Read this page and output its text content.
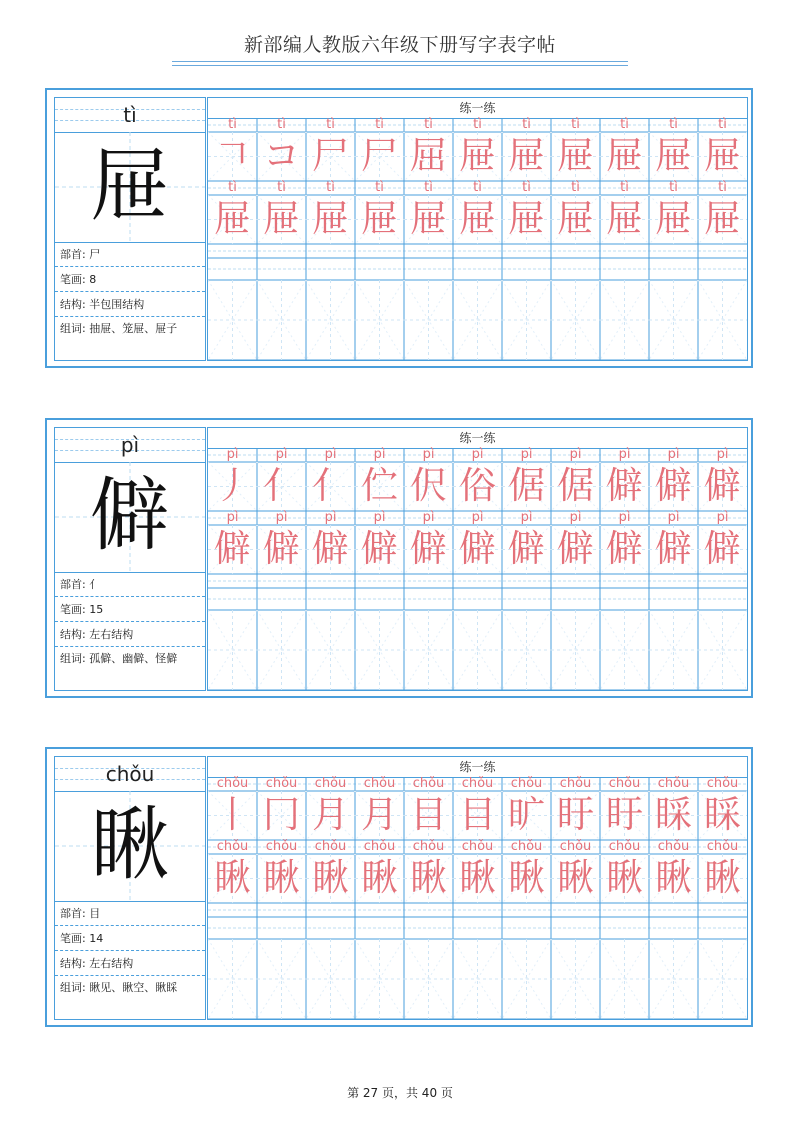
新部编人教版六年级下册写字表字帖
tì
屉
部首: 尸
笔画: 8
结构: 半包围结构
组词: 抽屉、笼屉、屉子
练一练
tì
𠃍
tì
屉
tì
コ
tì
屉
tì
尸
tì
屉
tì
尸
tì
屉
tì
屈
tì
屉
tì
屉
tì
屉
tì
屉
tì
屉
tì
屉
tì
屉
tì
屉
tì
屉
tì
屉
tì
屉
tì
屉
tì
屉
pì
僻
部首: 亻
笔画: 15
结构: 左右结构
组词: 孤僻、幽僻、怪僻
练一练
pì
丿
pì
僻
pì
亻
pì
僻
pì
亻
pì
僻
pì
伫
pì
僻
pì
伬
pì
僻
pì
俗
pì
僻
pì
倨
pì
僻
pì
倨
pì
僻
pì
僻
pì
僻
pì
僻
pì
僻
pì
僻
pì
僻
chǒu
瞅
部首: 目
笔画: 14
结构: 左右结构
组词: 瞅见、瞅空、瞅睬
练一练
chǒu
丨
chǒu
瞅
chǒu
冂
chǒu
瞅
chǒu
月
chǒu
瞅
chǒu
月
chǒu
瞅
chǒu
目
chǒu
瞅
chǒu
目
chǒu
瞅
chǒu
旷
chǒu
瞅
chǒu
盱
chǒu
瞅
chǒu
盱
chǒu
瞅
chǒu
睬
chǒu
瞅
chǒu
睬
chǒu
瞅
第 27 页，共 40 页
